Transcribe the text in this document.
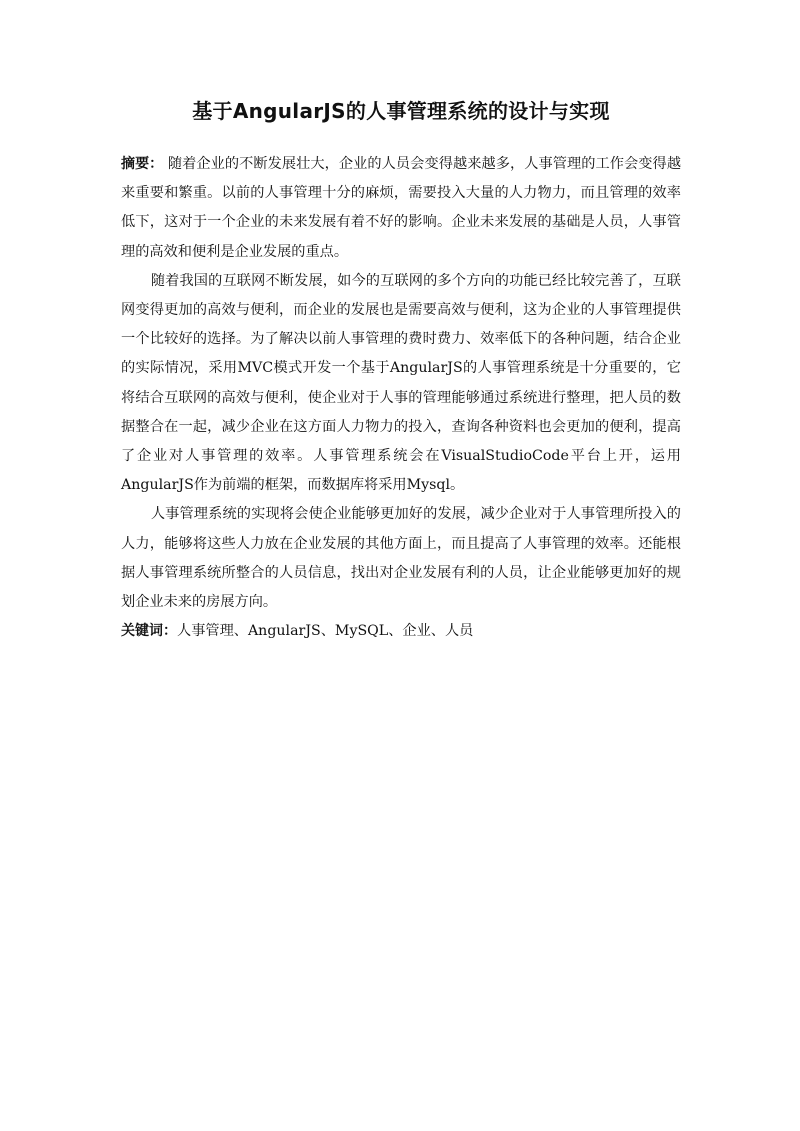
基于AngularJS的人事管理系统的设计与实现

摘要： 随着企业的不断发展壮大，企业的人员会变得越来越多，人事管理的工作会变得越来重要和繁重。以前的人事管理十分的麻烦，需要投入大量的人力物力，而且管理的效率低下，这对于一个企业的未来发展有着不好的影响。企业未来发展的基础是人员，人事管理的高效和便利是企业发展的重点。

随着我国的互联网不断发展，如今的互联网的多个方向的功能已经比较完善了，互联网变得更加的高效与便利，而企业的发展也是需要高效与便利，这为企业的人事管理提供一个比较好的选择。为了解决以前人事管理的费时费力、效率低下的各种问题，结合企业的实际情况，采用MVC模式开发一个基于AngularJS的人事管理系统是十分重要的，它将结合互联网的高效与便利，使企业对于人事的管理能够通过系统进行整理，把人员的数据整合在一起，减少企业在这方面人力物力的投入，查询各种资料也会更加的便利，提高了企业对人事管理的效率。人事管理系统会在VisualStudioCode平台上开，运用AngularJS作为前端的框架，而数据库将采用Mysql。

人事管理系统的实现将会使企业能够更加好的发展，减少企业对于人事管理所投入的人力，能够将这些人力放在企业发展的其他方面上，而且提高了人事管理的效率。还能根据人事管理系统所整合的人员信息，找出对企业发展有利的人员，让企业能够更加好的规划企业未来的房展方向。

关键词：人事管理、AngularJS、MySQL、企业、人员
